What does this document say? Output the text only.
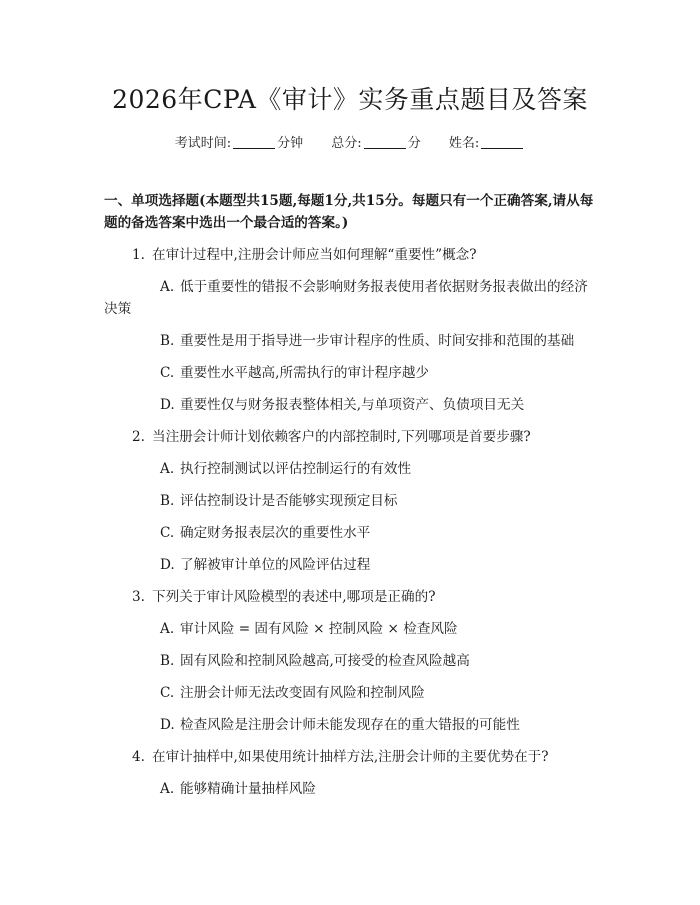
2026年CPA《审计》实务重点题目及答案
考试时间:	分钟 总分:	分 姓名:
一、单项选择题(本题型共15题,每题1分,共15分。每题只有一个正确答案,请从每题的备选答案中选出一个最合适的答案。)
1. 在审计过程中,注册会计师应当如何理解“重要性”概念?
A. 低于重要性的错报不会影响财务报表使用者依据财务报表做出的经济决策
B. 重要性是用于指导进一步审计程序的性质、时间安排和范围的基础
C. 重要性水平越高,所需执行的审计程序越少
D. 重要性仅与财务报表整体相关,与单项资产、负债项目无关
2. 当注册会计师计划依赖客户的内部控制时,下列哪项是首要步骤?
A. 执行控制测试以评估控制运行的有效性
B. 评估控制设计是否能够实现预定目标
C. 确定财务报表层次的重要性水平
D. 了解被审计单位的风险评估过程
3. 下列关于审计风险模型的表述中,哪项是正确的?
A. 审计风险 = 固有风险 × 控制风险 × 检查风险
B. 固有风险和控制风险越高,可接受的检查风险越高
C. 注册会计师无法改变固有风险和控制风险
D. 检查风险是注册会计师未能发现存在的重大错报的可能性
4. 在审计抽样中,如果使用统计抽样方法,注册会计师的主要优势在于?
A. 能够精确计量抽样风险
